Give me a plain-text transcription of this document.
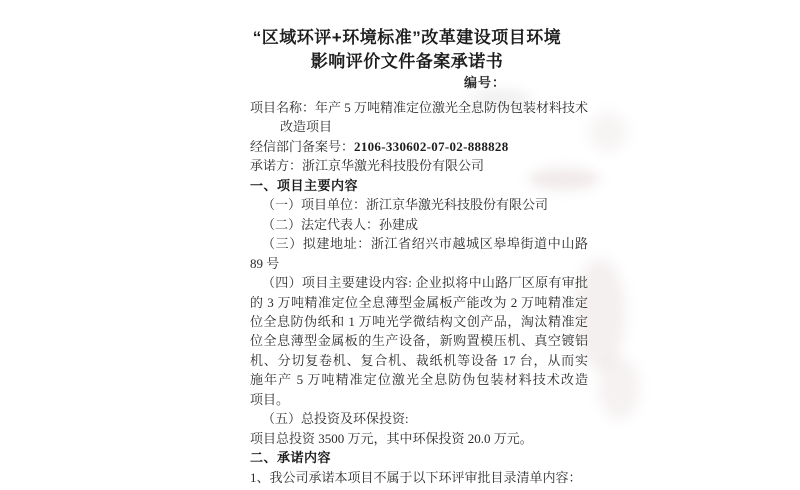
“区域环评+环境标准”改革建设项目环境
影响评价文件备案承诺书
编号：
项目名称：年产 5 万吨精准定位激光全息防伪包装材料技术
改造项目
经信部门备案号：2106-330602-07-02-888828
承诺方：浙江京华激光科技股份有限公司
一、项目主要内容
（一）项目单位：浙江京华激光科技股份有限公司
（二）法定代表人：孙建成
（三）拟建地址：浙江省绍兴市越城区皋埠街道中山路
89 号
（四）项目主要建设内容: 企业拟将中山路厂区原有审批
的 3 万吨精准定位全息薄型金属板产能改为 2 万吨精准定
位全息防伪纸和 1 万吨光学微结构文创产品，淘汰精准定
位全息薄型金属板的生产设备，新购置模压机、真空镀铝
机、分切复卷机、复合机、裁纸机等设备 17 台，从而实
施年产 5 万吨精准定位激光全息防伪包装材料技术改造
项目。
（五）总投资及环保投资:
项目总投资 3500 万元，其中环保投资 20.0 万元。
二、承诺内容
1、我公司承诺本项目不属于以下环评审批目录清单内容：
